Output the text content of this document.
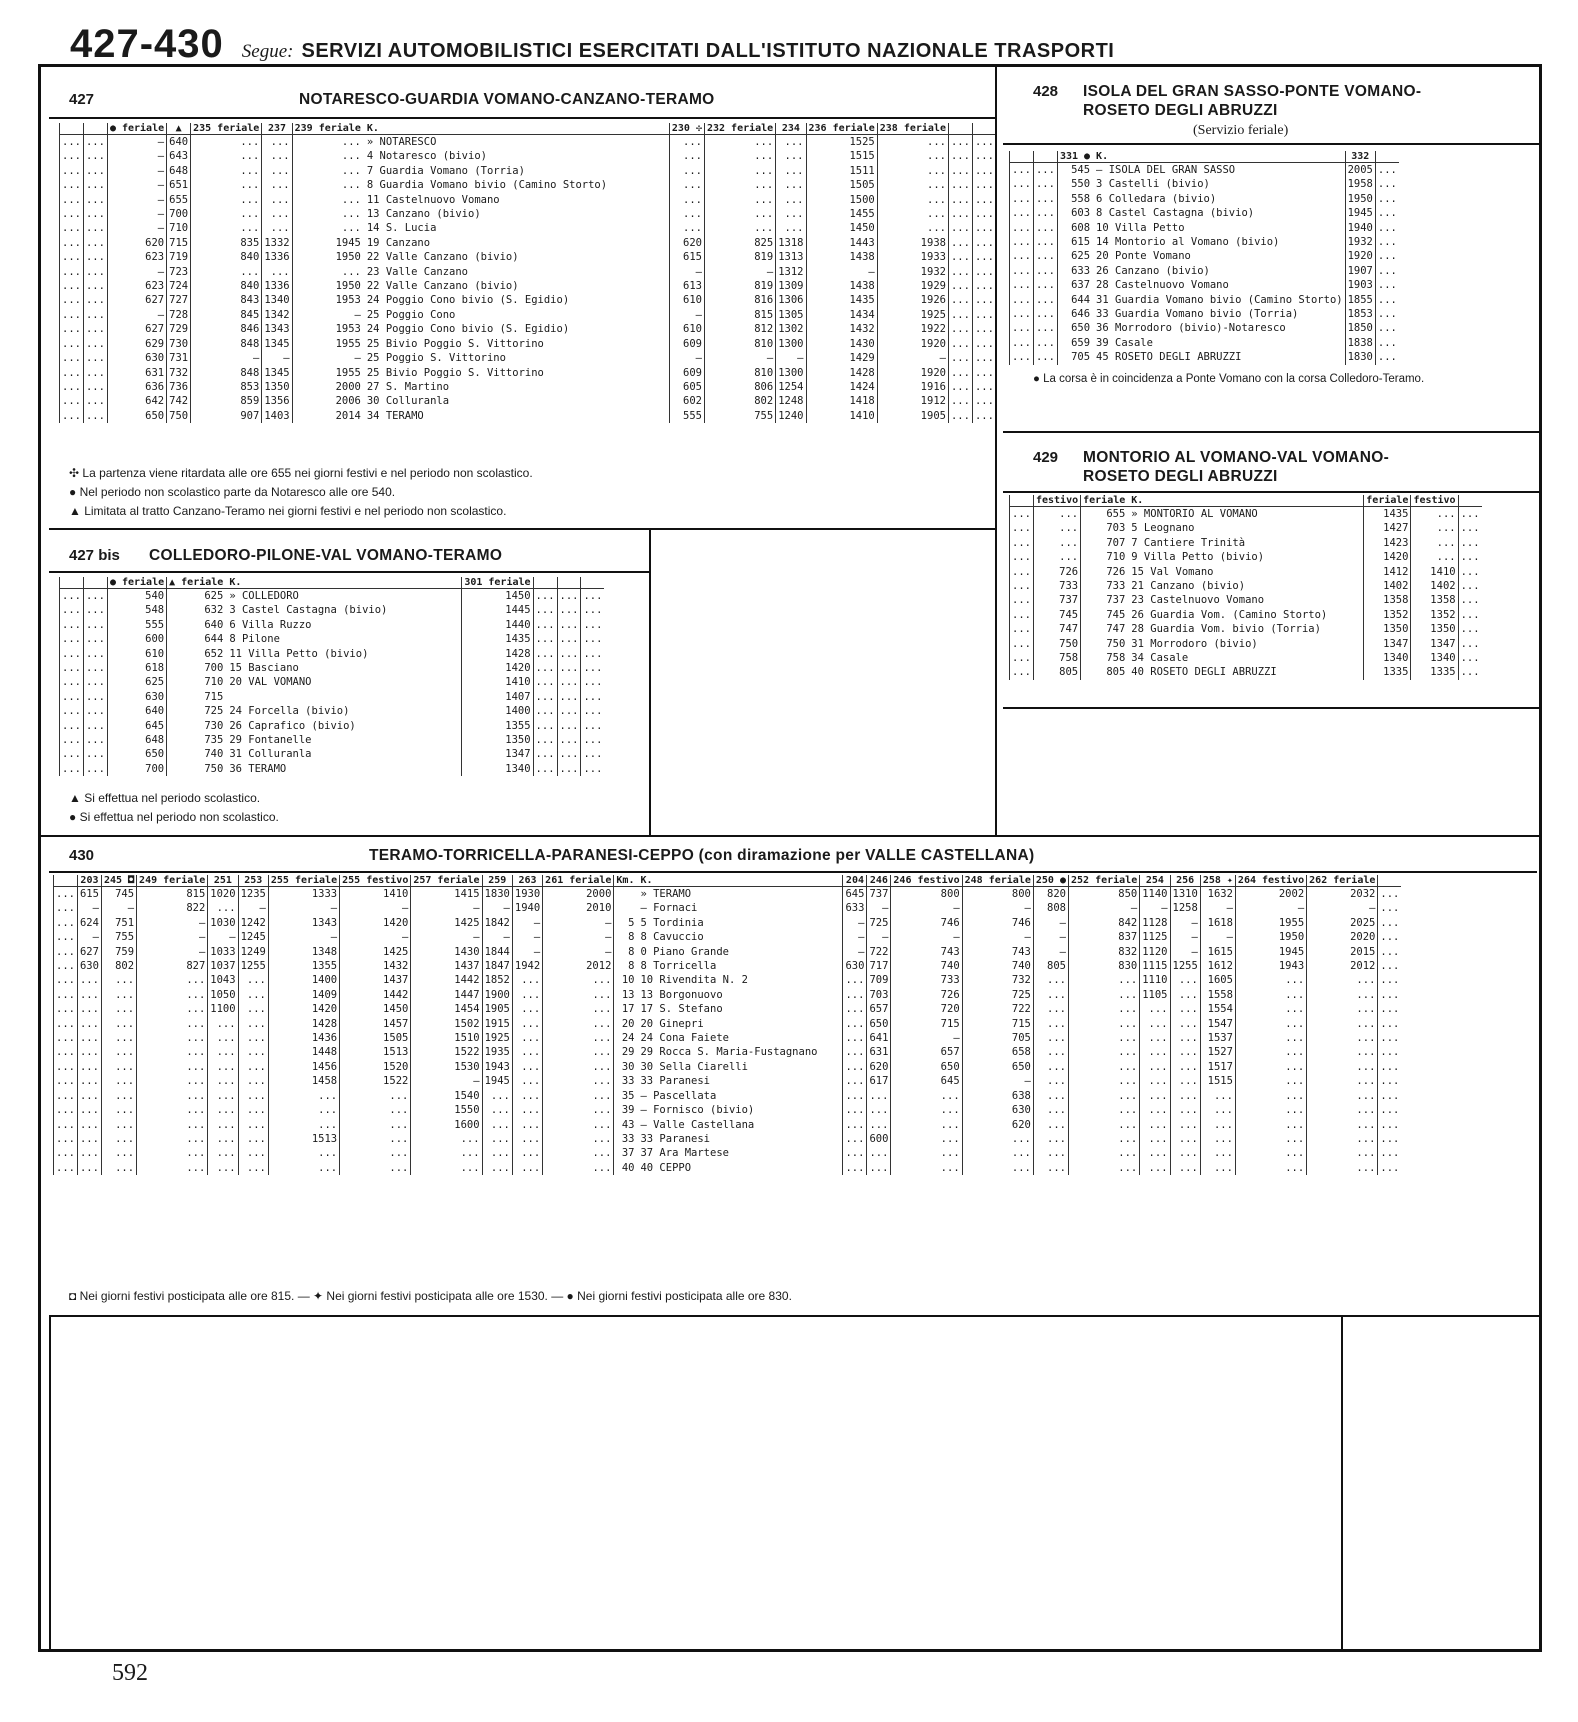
427-430 Segue: SERVIZI AUTOMOBILISTICI ESERCITATI DALL'ISTITUTO NAZIONALE TRASPORTI
427	NOTARESCO-GUARDIA VOMANO-CANZANO-TERAMO
		● feriale	▲	235 feriale	237	239 feriale	K.	230 ✣	232 feriale	234	236 feriale	238 feriale		
...	...	—	640	...	...	...	» NOTARESCO	...	...	...	1525	...	...	...
...	...	—	643	...	...	...	4 Notaresco (bivio)	...	...	...	1515	...	...	...
...	...	—	648	...	...	...	7 Guardia Vomano (Torria)	...	...	...	1511	...	...	...
...	...	—	651	...	...	...	8 Guardia Vomano bivio (Camino Storto)	...	...	...	1505	...	...	...
...	...	—	655	...	...	...	11 Castelnuovo Vomano	...	...	...	1500	...	...	...
...	...	—	700	...	...	...	13 Canzano (bivio)	...	...	...	1455	...	...	...
...	...	—	710	...	...	...	14 S. Lucia	...	...	...	1450	...	...	...
...	...	620	715	835	1332	1945	19 Canzano	620	825	1318	1443	1938	...	...
...	...	623	719	840	1336	1950	22 Valle Canzano (bivio)	615	819	1313	1438	1933	...	...
...	...	—	723	...	...	...	23 Valle Canzano	—	—	1312	—	1932	...	...
...	...	623	724	840	1336	1950	22 Valle Canzano (bivio)	613	819	1309	1438	1929	...	...
...	...	627	727	843	1340	1953	24 Poggio Cono bivio (S. Egidio)	610	816	1306	1435	1926	...	...
...	...	—	728	845	1342	—	25 Poggio Cono	—	815	1305	1434	1925	...	...
...	...	627	729	846	1343	1953	24 Poggio Cono bivio (S. Egidio)	610	812	1302	1432	1922	...	...
...	...	629	730	848	1345	1955	25 Bivio Poggio S. Vittorino	609	810	1300	1430	1920	...	...
...	...	630	731	—	—	—	25 Poggio S. Vittorino	—	—	—	1429	—	...	...
...	...	631	732	848	1345	1955	25 Bivio Poggio S. Vittorino	609	810	1300	1428	1920	...	...
...	...	636	736	853	1350	2000	27 S. Martino	605	806	1254	1424	1916	...	...
...	...	642	742	859	1356	2006	30 Colluranla	602	802	1248	1418	1912	...	...
...	...	650	750	907	1403	2014	34 TERAMO	555	755	1240	1410	1905	...	...
✣ La partenza viene ritardata alle ore 655 nei giorni festivi e nel periodo non scolastico.
● Nel periodo non scolastico parte da Notaresco alle ore 540.
▲ Limitata al tratto Canzano-Teramo nei giorni festivi e nel periodo non scolastico.
427 bis COLLEDORO-PILONE-VAL VOMANO-TERAMO
		● feriale	▲ feriale	K.	301 feriale			
...	...	540	625	» COLLEDORO	1450	...	...	...
...	...	548	632	3 Castel Castagna (bivio)	1445	...	...	...
...	...	555	640	6 Villa Ruzzo	1440	...	...	...
...	...	600	644	8 Pilone	1435	...	...	...
...	...	610	652	11 Villa Petto (bivio)	1428	...	...	...
...	...	618	700	15 Basciano	1420	...	...	...
...	...	625	710	20 VAL VOMANO	1410	...	...	...
...	...	630	715		1407	...	...	...
...	...	640	725	24 Forcella (bivio)	1400	...	...	...
...	...	645	730	26 Caprafico (bivio)	1355	...	...	...
...	...	648	735	29 Fontanelle	1350	...	...	...
...	...	650	740	31 Colluranla	1347	...	...	...
...	...	700	750	36 TERAMO	1340	...	...	...
▲ Si effettua nel periodo scolastico.
● Si effettua nel periodo non scolastico.
428 ISOLA DEL GRAN SASSO-PONTE VOMANO-
ROSETO DEGLI ABRUZZI
(Servizio feriale)
		331 ●	K.	332	
...	...	545	— ISOLA DEL GRAN SASSO	2005	...
...	...	550	3 Castelli (bivio)	1958	...
...	...	558	6 Colledara (bivio)	1950	...
...	...	603	8 Castel Castagna (bivio)	1945	...
...	...	608	10 Villa Petto	1940	...
...	...	615	14 Montorio al Vomano (bivio)	1932	...
...	...	625	20 Ponte Vomano	1920	...
...	...	633	26 Canzano (bivio)	1907	...
...	...	637	28 Castelnuovo Vomano	1903	...
...	...	644	31 Guardia Vomano bivio (Camino Storto)	1855	...
...	...	646	33 Guardia Vomano bivio (Torria)	1853	...
...	...	650	36 Morrodoro (bivio)-Notaresco	1850	...
...	...	659	39 Casale	1838	...
...	...	705	45 ROSETO DEGLI ABRUZZI	1830	...
● La corsa è in coincidenza a Ponte Vomano con la corsa Colledoro-Teramo.
429 MONTORIO AL VOMANO-VAL VOMANO-
ROSETO DEGLI ABRUZZI
	festivo	feriale	K.	feriale	festivo	
...	...	655	» MONTORIO AL VOMANO	1435	...	...
...	...	703	5 Leognano	1427	...	...
...	...	707	7 Cantiere Trinità	1423	...	...
...	...	710	9 Villa Petto (bivio)	1420	...	...
...	726	726	15 Val Vomano	1412	1410	...
...	733	733	21 Canzano (bivio)	1402	1402	...
...	737	737	23 Castelnuovo Vomano	1358	1358	...
...	745	745	26 Guardia Vom. (Camino Storto)	1352	1352	...
...	747	747	28 Guardia Vom. bivio (Torria)	1350	1350	...
...	750	750	31 Morrodoro (bivio)	1347	1347	...
...	758	758	34 Casale	1340	1340	...
...	805	805	40 ROSETO DEGLI ABRUZZI	1335	1335	...
430	TERAMO-TORRICELLA-PARANESI-CEPPO (con diramazione per VALLE CASTELLANA)
	203	245 ◘	249 feriale	251	253	255 feriale	255 festivo	257 feriale	259	263	261 feriale	Km.	K.	204	246	246 festivo	248 feriale	250 ●	252 feriale	254	256	258 ✦	264 festivo	262 feriale	
...	615	745	815	1020	1235	1333	1410	1415	1830	1930	2000		» TERAMO	645	737	800	800	820	850	1140	1310	1632	2002	2032	...
...	—	—	822	...	—	—	—	—	—	1940	2010		— Fornaci	633	—	—	—	808	—	—	1258	—	—	—	...
...	624	751	—	1030	1242	1343	1420	1425	1842	—	—	5	5 Tordinia	—	725	746	746	—	842	1128	—	1618	1955	2025	...
...	—	755	—	—	1245	—	—	—	—	—	—	8	8 Cavuccio	—	—	—	—	—	837	1125	—	—	1950	2020	...
...	627	759	—	1033	1249	1348	1425	1430	1844	—	—	8	0 Piano Grande	—	722	743	743	—	832	1120	—	1615	1945	2015	...
...	630	802	827	1037	1255	1355	1432	1437	1847	1942	2012	8	8 Torricella	630	717	740	740	805	830	1115	1255	1612	1943	2012	...
...	...	...	...	1043	...	1400	1437	1442	1852	...	...	10	10 Rivendita N. 2	...	709	733	732	...	...	1110	...	1605	...	...	...
...	...	...	...	1050	...	1409	1442	1447	1900	...	...	13	13 Borgonuovo	...	703	726	725	...	...	1105	...	1558	...	...	...
...	...	...	...	1100	...	1420	1450	1454	1905	...	...	17	17 S. Stefano	...	657	720	722	...	...	...	...	1554	...	...	...
...	...	...	...	...	...	1428	1457	1502	1915	...	...	20	20 Ginepri	...	650	715	715	...	...	...	...	1547	...	...	...
...	...	...	...	...	...	1436	1505	1510	1925	...	...	24	24 Cona Faiete	...	641	—	705	...	...	...	...	1537	...	...	...
...	...	...	...	...	...	1448	1513	1522	1935	...	...	29	29 Rocca S. Maria-Fustagnano	...	631	657	658	...	...	...	...	1527	...	...	...
...	...	...	...	...	...	1456	1520	1530	1943	...	...	30	30 Sella Ciarelli	...	620	650	650	...	...	...	...	1517	...	...	...
...	...	...	...	...	...	1458	1522	—	1945	...	...	33	33 Paranesi	...	617	645	—	...	...	...	...	1515	...	...	...
...	...	...	...	...	...	...	...	1540	...	...	...	35	— Pascellata	...	...	...	638	...	...	...	...	...	...	...	...
...	...	...	...	...	...	...	...	1550	...	...	...	39	— Fornisco (bivio)	...	...	...	630	...	...	...	...	...	...	...	...
...	...	...	...	...	...	...	...	1600	...	...	...	43	— Valle Castellana	...	...	...	620	...	...	...	...	...	...	...	...
...	...	...	...	...	...	1513	...	...	...	...	...	33	33 Paranesi	...	600	...	...	...	...	...	...	...	...	...	...
...	...	...	...	...	...	...	...	...	...	...	...	37	37 Ara Martese	...	...	...	...	...	...	...	...	...	...	...	...
...	...	...	...	...	...	...	...	...	...	...	...	40	40 CEPPO	...	...	...	...	...	...	...	...	...	...	...	...
◘ Nei giorni festivi posticipata alle ore 815. — ✦ Nei giorni festivi posticipata alle ore 1530. — ● Nei giorni festivi posticipata alle ore 830.
592
